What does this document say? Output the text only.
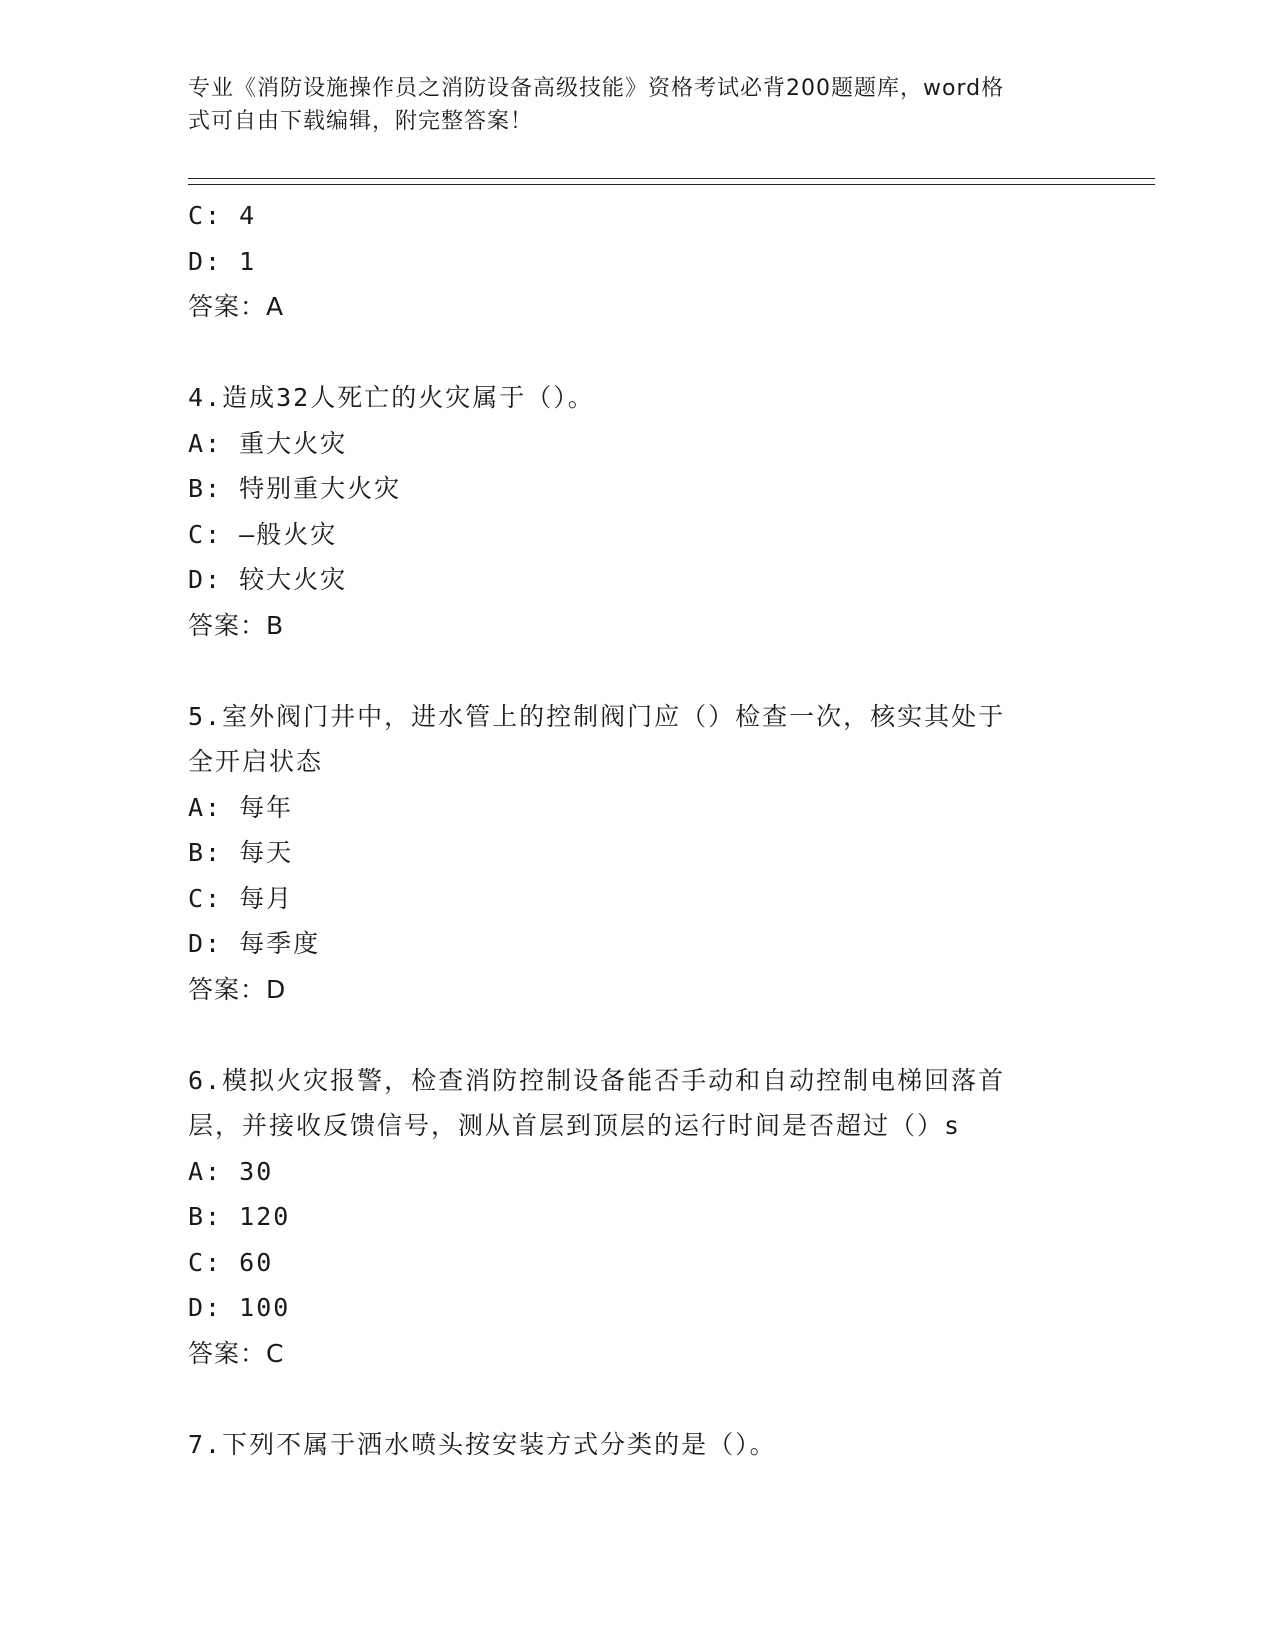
专业《消防设施操作员之消防设备高级技能》资格考试必背200题题库，word格
式可自由下载编辑，附完整答案！
C: 4
D: 1
答案：A
4.造成32人死亡的火灾属于（）。
A: 重大火灾
B: 特别重大火灾
C: —般火灾
D: 较大火灾
答案：B
5.室外阀门井中，进水管上的控制阀门应（）检查一次，核实其处于
全开启状态
A: 每年
B: 每天
C: 每月
D: 每季度
答案：D
6.模拟火灾报警，检查消防控制设备能否手动和自动控制电梯回落首
层，并接收反馈信号，测从首层到顶层的运行时间是否超过（）s
A: 30
B: 120
C: 60
D: 100
答案：C
7.下列不属于洒水喷头按安装方式分类的是（）。
